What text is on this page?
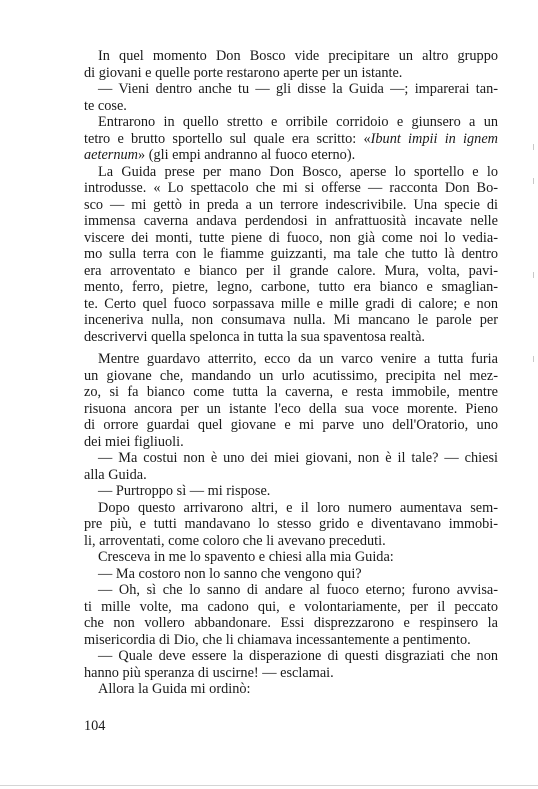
In quel momento Don Bosco vide precipitare un altro gruppo
di giovani e quelle porte restarono aperte per un istante.

— Vieni dentro anche tu — gli disse la Guida —; imparerai tan-
te cose.

Entrarono in quello stretto e orribile corridoio e giunsero a un
tetro e brutto sportello sul quale era scritto: «Ibunt impii in ignem
aeternum» (gli empi andranno al fuoco eterno).

La Guida prese per mano Don Bosco, aperse lo sportello e lo
introdusse. « Lo spettacolo che mi si offerse — racconta Don Bo-
sco — mi gettò in preda a un terrore indescrivibile. Una specie di
immensa caverna andava perdendosi in anfrattuosità incavate nelle
viscere dei monti, tutte piene di fuoco, non già come noi lo vedia-
mo sulla terra con le fiamme guizzanti, ma tale che tutto là dentro
era arroventato e bianco per il grande calore. Mura, volta, pavi-
mento, ferro, pietre, legno, carbone, tutto era bianco e smaglian-
te. Certo quel fuoco sorpassava mille e mille gradi di calore; e non
inceneriva nulla, non consumava nulla. Mi mancano le parole per
descrivervi quella spelonca in tutta la sua spaventosa realtà.

Mentre guardavo atterrito, ecco da un varco venire a tutta furia
un giovane che, mandando un urlo acutissimo, precipita nel mez-
zo, si fa bianco come tutta la caverna, e resta immobile, mentre
risuona ancora per un istante l'eco della sua voce morente. Pieno
di orrore guardai quel giovane e mi parve uno dell'Oratorio, uno
dei miei figliuoli.

— Ma costui non è uno dei miei giovani, non è il tale? — chiesi
alla Guida.

— Purtroppo sì — mi rispose.

Dopo questo arrivarono altri, e il loro numero aumentava sem-
pre più, e tutti mandavano lo stesso grido e diventavano immobi-
li, arroventati, come coloro che li avevano preceduti.

Cresceva in me lo spavento e chiesi alla mia Guida:

— Ma costoro non lo sanno che vengono qui?

— Oh, sì che lo sanno di andare al fuoco eterno; furono avvisa-
ti mille volte, ma cadono qui, e volontariamente, per il peccato
che non vollero abbandonare. Essi disprezzarono e respinsero la
misericordia di Dio, che li chiamava incessantemente a pentimento.

— Quale deve essere la disperazione di questi disgraziati che non
hanno più speranza di uscirne! — esclamai.

Allora la Guida mi ordinò:

104
